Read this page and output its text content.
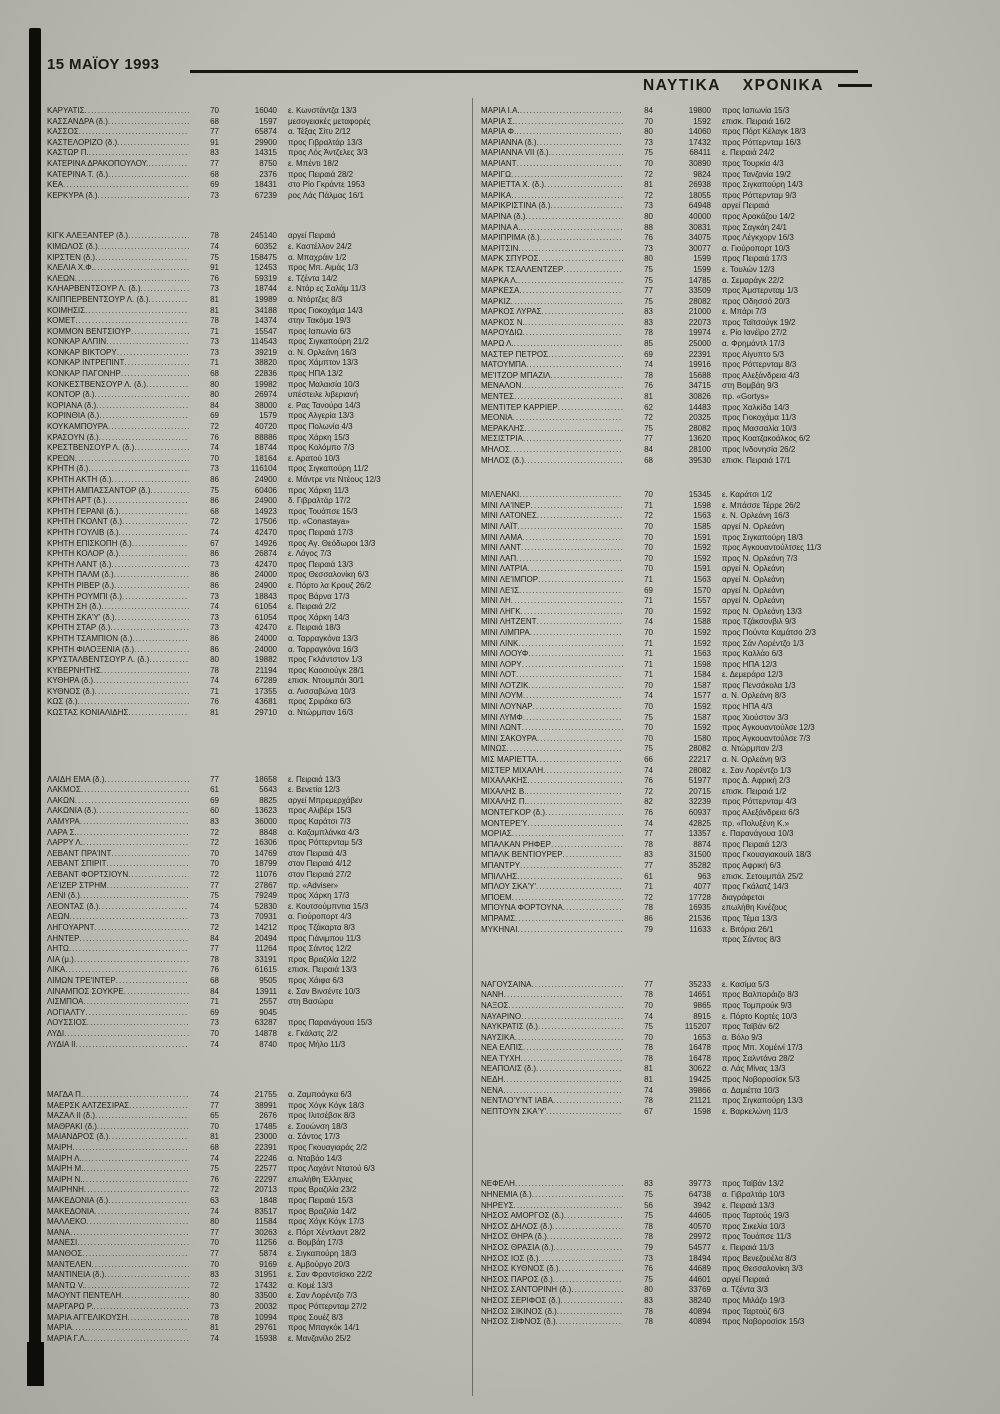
15 ΜΑΪΟΥ 1993
ΝΑΥΤΙΚΑ ΧΡΟΝΙΚΑ
ΚΑΡΥΑΤΙΣ .....	70	16040	ε. Κωνστάντζα 13/3
ΚΑΣΣΑΝΔΡΑ (δ.) .....	68	1597	μεσογειακές μεταφορές
ΚΑΣΣΟΣ .....	77	65874	α. Τέξας Σίτυ 2/12
ΚΑΣΤΕΛΟΡΙΖΟ (δ.) .....	91	29900	προς Γιβραλτάρ 13/3
ΚΑΣΤΩΡ Π. .....	83	14315	προς Λός Άντζελες 3/3
ΚΑΤΕΡΙΝΑ ΔΡΑΚΟΠΟΥΛΟΥ. .....	77	8750	ε. Μπέντι 18/2
ΚΑΤΕΡΙΝΑ Τ. (δ.) .....	68	2376	προς Πειραιά 28/2
ΚΕΑ .....	69	18431	στο Ρίο Γκράντε 1953
ΚΕΡΚΥΡΑ (δ.) .....	73	67239	ρος Λάς Πάλμας 16/1
ΚΙΓΚ ΑΛΕΞΑΝΤΕΡ (δ.) .....	78	245140	αργεί Πειραιά
ΚΙΜΩΛΟΣ (δ.) .....	74	60352	ε. Καστέλλον 24/2
ΚΙΡΣΤΕΝ (δ.) .....	75	158475	α. Μπαχράιν 1/2
ΚΛΕΛΙΑ Χ.Φ. .....	91	12453	προς Μπ. Αιμάς 1/3
ΚΛΕΩΝ .....	76	59319	ε. Τζέντα 14/2
ΚΛΗΑΡΒΕΝΤΣΟΥΡ Λ. (δ.) .....	73	18744	ε. Ντάρ ες Σαλάμ 11/3
ΚΛΙΠΠΕΡΒΕΝΤΣΟΥΡ Λ. (δ.) .....	81	19989	α. Ντόρτζες 8/3
ΚΟΙΜΗΣΙΣ .....	81	34188	προς Γιοκοχάμα 14/3
ΚΟΜΕΤ .....	78	14374	στην Τακόμα 19/3
ΚΟΜΜΟΝ ΒΕΝΤΣΙΟΥΡ .....	71	15547	προς Ιαπωνία 6/3
ΚΟΝΚΑΡ ΑΛΠΙΝ .....	73	114543	προς Σιγκαπούρη 21/2
ΚΟΝΚΑΡ ΒΙΚΤΟΡΥ .....	73	39219	α. Ν. Ορλεάνη 16/3
ΚΟΝΚΑΡ ΙΝΤΡΕΠΙΝΤ .....	71	38820	προς Χάμπτον 13/3
ΚΟΝΚΑΡ ΠΑΓΟΝΗΡ .....	68	22836	προς ΗΠΑ 13/2
ΚΟΝΚΕΣΤΒΕΝΣΟΥΡ Λ. (δ.) .....	80	19982	προς Μαλαισία 10/3
ΚΟΝΤΟΡ (δ.) .....	80	26974	υπέστειλε λιβεριανή
ΚΟΡΙΑΝΑ (δ.) .....	84	38000	ε. Ρας Τανούρα 14/3
ΚΟΡΙΝΘΙΑ (δ.) .....	69	1579	προς Αλγερία 13/3
ΚΟΥΚΑΜΠΟΥΡΑ .....	72	40720	προς Πολωνία 4/3
ΚΡΑΣΟΥΝ (δ.) .....	76	88886	προς Χάρκη 15/3
ΚΡΕΣΤΒΕΝΣΟΥΡ Λ. (δ.) .....	74	18744	προς Κολόμπο 7/3
ΚΡΕΩΝ .....	70	18164	ε. Αρατού 10/3
ΚΡΗΤΗ (δ.) .....	73	116104	προς Σιγκαπούρη 11/2
ΚΡΗΤΗ ΑΚΤΗ (δ.) .....	86	24900	ε. Μάντρε ντε Ντέους 12/3
ΚΡΗΤΗ ΑΜΠΑΣΣΑΝΤΟΡ (δ.) .....	75	60406	προς Χάρκη 11/3
ΚΡΗΤΗ ΑΡΤ (δ.) .....	86	24900	δ. Γιβραλτάρ 17/2
ΚΡΗΤΗ ΓΕΡΑΝΙ (δ.) .....	68	14923	προς Τουάπσε 15/3
ΚΡΗΤΗ ΓΚΟΛΝΤ (δ.) .....	72	17506	πρ. «Conastaya»
ΚΡΗΤΗ ΓΟΥΛΙΒ (δ.) .....	74	42470	προς Πειραιά 17/3
ΚΡΗΤΗ ΕΠΙΣΚΟΠΗ (δ.) .....	67	14926	προς Αγ. Θεόδωροι 13/3
ΚΡΗΤΗ ΚΟΛΟΡ (δ.) .....	86	26874	ε. Λάγος 7/3
ΚΡΗΤΗ ΛΑΝΤ (δ.) .....	73	42470	προς Πειραιά 13/3
ΚΡΗΤΗ ΠΑΛΜ (δ.) .....	86	24000	προς Θεσσαλονίκη 6/3
ΚΡΗΤΗ ΡΙΒΕΡ (δ.) .....	86	24900	ε. Πόρτο λα Κρουζ 26/2
ΚΡΗΤΗ ΡΟΥΜΠΙ (δ.) .....	73	18843	προς Βάρνα 17/3
ΚΡΗΤΗ ΣΗ (δ.) .....	74	61054	ε. Πειραιά 2/2
ΚΡΗΤΗ ΣΚΑ'Υ' (δ.) .....	73	61054	προς Χάρκη 14/3
ΚΡΗΤΗ ΣΤΑΡ (δ.) .....	73	42470	ε. Πειραιά 18/3
ΚΡΗΤΗ ΤΣΑΜΠΙΟΝ (δ.) .....	86	24000	α. Ταρραγκόνα 13/3
ΚΡΗΤΗ ΦΙΛΟΞΕΝΙΑ (δ.) .....	86	24000	α. Ταρραγκόνα 16/3
ΚΡΥΣΤΑΛΒΕΝΤΣΟΥΡ Λ. (δ.) .....	80	19882	προς Γκλάντστον 1/3
ΚΥΒΕΡΝΗΤΗΣ .....	78	21194	προς Καοσιούγκ 28/1
ΚΥΘΗΡΑ (δ.) .....	74	67289	επισκ. Ντουμπάι 30/1
ΚΥΘΝΟΣ (δ.) .....	71	17355	α. Λισσαβώνα 10/3
ΚΩΣ (δ.) .....	76	43681	προς Σριράκα 6/3
ΚΩΣΤΑΣ ΚΟΝΙΑΛΙΔΗΣ .....	81	29710	α. Ντώρμπαν 16/3
ΛΑΙΔΗ ΕΜΑ (δ.) .....	77	18658	ε. Πειραιά 13/3
ΛΑΚΜΟΣ .....	61	5643	ε. Βενετία 12/3
ΛΑΚΩΝ .....	69	8825	αργεί Μπρεμερχάβεν
ΛΑΚΩΝΙΑ (δ.) .....	60	13623	προς Αλιβέρι 15/3
ΛΑΜΥΡΑ .....	83	36000	προς Καράτσι 7/3
ΛΑΡΑ Σ. .....	72	8848	α. Καζαμπλάνκα 4/3
ΛΑΡΡΥ Λ. .....	72	16306	προς Ρόττερνταμ 5/3
ΛΕΒΑΝΤ ΠΡΑ'ΙΝΤ .....	70	14769	στον Πειραιά 4/3
ΛΕΒΑΝΤ ΣΠΙΡΙΤ .....	70	18799	στον Πειραιά 4/12
ΛΕΒΑΝΤ ΦΟΡΤΣΙΟΥΝ .....	72	11076	στον Πειραιά 27/2
ΛΕ'ΙΖΕΡ ΣΤΡΗΜ .....	77	27867	πρ. «Adviser»
ΛΕΝΙ (δ.) .....	75	79249	προς Χάρκη 17/3
ΛΕΟΝΤΑΣ (δ.) .....	74	52830	ε. Κουτσούμπντια 15/3
ΛΕΩΝ .....	73	70931	α. Γιούροπορτ 4/3
ΛΗΓΟΥΑΡΝΤ .....	72	14212	προς Τζάκαρτα 8/3
ΛΗΝΤΕΡ .....	84	20494	προς Γιάνιμπου 11/3
ΛΗΤΩ .....	77	11264	προς Σάντος 12/2
ΛΙΑ (μ.) .....	78	33191	προς Βραζιλία 12/2
ΛΙΚΑ .....	76	61615	επισκ. Πειραιά 13/3
ΛΙΜΩΝ ΤΡΕ'ΙΝΤΕΡ .....	68	9505	προς Χάιφα 6/3
ΛΙΝΑΜΠΟΣ ΣΟΥΚΡΕ .....	84	13911	ε. Σαν Βινσέντε 10/3
ΛΙΣΜΠΟΑ .....	71	2557	στη Βασώρα
ΛΟΓΙΑΛΤΥ .....	69	9045
ΛΟΥΣΣΙΟΣ .....	73	63287	προς Παρανάγουα 15/3
ΛΥΔΙ .....	70	14878	ε. Γκάλατς 2/2
ΛΥΔΙΑ ΙΙ .....	74	8740	προς Μήλο 11/3
ΜΑΓΔΑ Π. .....	74	21755	α. Ζαμποάγκα 6/3
ΜΑΕΡΣΚ ΑΛΤΖΕΣΙΡΑΣ .....	77	38991	προς Χόγκ Κόγκ 18/3
ΜΑΖΑΛ ΙΙ (δ.) .....	65	2676	προς Ιλιτσέβσκ 8/3
ΜΑΘΡΑΚΙ (δ.) .....	70	17485	ε. Σουώνση 18/3
ΜΑΙΑΝΔΡΟΣ (δ.) .....	81	23000	α. Σάντος 17/3
ΜΑΙΡΗ .....	68	22391	προς Γκουαγιαράς 2/2
ΜΑΙΡΗ Λ. .....	74	22246	α. Νταβάο 14/3
ΜΑΙΡΗ Μ. .....	75	22577	προς Λαχάντ Ντατού 6/3
ΜΑΙΡΗ Ν. .....	76	22297	επωλήθη Έλληνες
ΜΑΙΡΗΝΗ .....	72	20713	προς Βραζιλία 23/2
ΜΑΚΕΔΟΝΙΑ (δ.) .....	63	1848	προς Πειραιά 15/3
ΜΑΚΕΔΟΝΙΑ .....	74	83517	προς Βραζιλία 14/2
ΜΑΛΛΕΚΟ .....	80	11584	προς Χόγκ Κόγκ 17/3
ΜΑΝΑ .....	77	30263	ε. Πόρτ Χέντλαντ 28/2
ΜΑΝΕΣΙ .....	70	11256	α. Βομβάη 17/3
ΜΑΝΘΟΣ .....	77	5874	ε. Σιγκαπούρη 18/3
ΜΑΝΤΕΛΕΝ .....	70	9169	ε. Αμβούργο 20/3
ΜΑΝΤΙΝΕΙΑ (δ.) .....	83	31951	ε. Σαν Φραντσίσκο 22/2
ΜΑΝΤΩ V. .....	72	17432	α. Κομέ 13/3
ΜΑΟΥΝΤ ΠΕΝΤΕΛΗ .....	80	33500	ε. Σαν Λορέντζο 7/3
ΜΑΡΓΑΡΩ Ρ. .....	73	20032	προς Ρόττερνταμ 27/2
ΜΑΡΙΑ ΑΓΓΕΛΙΚΟΥΣΗ .....	78	10994	προς Σουέζ 8/3
ΜΑΡΙΑ .....	81	29761	προς Μπαγκόκ 14/1
ΜΑΡΙΑ Γ.Λ. .....	74	15938	ε. Μανζανίλο 25/2
ΜΑΡΙΑ Ι.Α. .....	84	19800	προς Ιαπωνία 15/3
ΜΑΡΙΑ Σ. .....	70	1592	επισκ. Πειραιά 16/2
ΜΑΡΙΑ Φ. .....	80	14060	προς Πόρτ Κέλαγκ 18/3
ΜΑΡΙΑΝΝΑ (δ.) .....	73	17432	προς Ρόττερνταμ 16/3
ΜΑΡΙΑΝΝΑ VII (δ.) .....	75	68411	ε. Πειραιά 24/2
ΜΑΡΙΑΝΤ .....	70	30890	προς Τουρκία 4/3
ΜΑΡΙΓΩ .....	72	9824	προς Τανζανία 19/2
ΜΑΡΙΕΤΤΑ Χ. (δ.) .....	81	26938	προς Σιγκαπούρη 14/3
ΜΑΡΙΚΑ .....	72	18055	προς Ρόττερνταμ 9/3
ΜΑΡΙΚΡΙΣΤΙΝΑ (δ.) .....	73	64948	αργεί Πειραιά
ΜΑΡΙΝΑ (δ.) .....	80	40000	προς Αρακάζου 14/2
ΜΑΡΙΝΑ Α. .....	88	30831	προς Σαγκάη 24/1
ΜΑΡΙΠΡΙΜΑ (δ.) .....	76	34075	προς Λέγκχορν 16/3
ΜΑΡΙΤΣΙΝ .....	73	30077	α. Γιούροπορτ 10/3
ΜΑΡΚ ΣΠΥΡΟΣ .....	80	1599	προς Πειραιά 17/3
ΜΑΡΚ ΤΣΑΛΛΕΝΤΖΕΡ .....	75	1599	ε. Τουλών 12/3
ΜΑΡΚΑ Λ. .....	75	14785	α. Σεμαράγκ 22/2
ΜΑΡΚΕΣΑ .....	77	33509	προς Άμστερνταμ 1/3
ΜΑΡΚΙΖ .....	75	28082	προς Οδησσό 20/3
ΜΑΡΚΟΣ ΛΥΡΑΣ .....	83	21000	ε. Μπάρι 7/3
ΜΑΡΚΟΣ Ν. .....	83	22073	προς Ταϊτσούγκ 19/2
ΜΑΡΟΥΔΙΩ .....	78	19974	ε. Ρίο Ιανέϊρο 27/2
ΜΑΡΩ Λ. .....	85	25000	α. Φρημάντλ 17/3
ΜΑΣΤΕΡ ΠΕΤΡΟΣ .....	69	22391	προς Αίγυπτο 5/3
ΜΑΤΟΥΜΠΑ .....	74	19916	προς Ρόττερνταμ 8/3
ΜΕ'ΙΤΖΟΡ ΜΠΑΖΙΛ .....	78	15688	προς Αλεξάνδρεια 4/3
ΜΕΝΑΛΟΝ .....	76	34715	στη Βομβάη 9/3
ΜΕΝΤΕΣ .....	81	30826	πρ. «Gortys»
ΜΕΝΤΙΤΕΡ ΚΑΡΡΙΕΡ .....	62	14483	προς Χαλκίδα 14/3
ΜΕΟΝΙΑ .....	72	20325	προς Γιοκοχάμα 11/3
ΜΕΡΑΚΛΗΣ .....	75	28082	προς Μασσαλία 10/3
ΜΕΣΙΣΤΡΙΑ .....	77	13620	προς Κοατζακοάλκος 6/2
ΜΗΛΟΣ .....	84	28100	προς Ινδονησία 26/2
ΜΗΛΟΣ (δ.) .....	68	39530	επισκ. Πειραιά 17/1
ΜΙΛΕΝΑΚΙ .....	70	15345	ε. Καράτσι 1/2
ΜΙΝΙ ΛΑ'ΙΝΕΡ .....	71	1598	ε. Μπάσσε Τέρρε 26/2
ΜΙΝΙ ΛΑΤΟΝΕΣ .....	72	1563	ε. Ν. Ορλεάνη 16/3
ΜΙΝΙ ΛΑΪΤ .....	70	1585	αργεί Ν. Ορλεάνη
ΜΙΝΙ ΛΑΜΑ .....	70	1591	προς Σιγκαπούρη 18/3
ΜΙΝΙ ΛΑΝΤ .....	70	1592	προς Αγκουαντούλτσες 11/3
ΜΙΝΙ ΛΑΠ .....	70	1592	προς Ν. Ορλεάνη 7/3
ΜΙΝΙ ΛΑΤΡΙΑ .....	70	1591	αργεί Ν. Ορλεάνη
ΜΙΝΙ ΛΕ'ΙΜΠΟΡ .....	71	1563	αργεί Ν. Ορλεάνη
ΜΙΝΙ ΛΕ'ΙΣ .....	69	1570	αργεί Ν. Ορλεάνη
ΜΙΝΙ ΛΗ .....	71	1557	αργεί Ν. Ορλεάνη
ΜΙΝΙ ΛΗΓΚ .....	70	1592	προς Ν. Ορλεάνη 13/3
ΜΙΝΙ ΛΗΤΖΕΝΤ .....	74	1588	προς Τζάκσονβιλ 9/3
ΜΙΝΙ ΛΙΜΠΡΑ .....	70	1592	προς Πούντα Καμάτσο 2/3
ΜΙΝΙ ΛΙΝΚ .....	71	1592	προς Σάν Λορέντζο 1/3
ΜΙΝΙ ΛΟΟΥΦ .....	71	1563	προς Καλλάο 6/3
ΜΙΝΙ ΛΟΡΥ .....	71	1598	προς ΗΠΑ 12/3
ΜΙΝΙ ΛΟΤ .....	71	1584	ε. Δεμεράρα 12/3
ΜΙΝΙ ΛΟΤΖΙΚ .....	70	1587	προς Πενσάκολα 1/3
ΜΙΝΙ ΛΟΥΜ .....	74	1577	α. Ν. Ορλεάνη 8/3
ΜΙΝΙ ΛΟΥΝΑΡ .....	70	1592	προς ΗΠΑ 4/3
ΜΙΝΙ ΛΥΜΦ .....	75	1587	προς Χιούστον 3/3
ΜΙΝΙ ΛΩΝΤ .....	70	1592	προς Αγκουαντούλσε 12/3
ΜΙΝΙ ΣΑΚΟΥΡΑ .....	70	1580	προς Αγκουαντούλσε 7/3
ΜΙΝΩΣ .....	75	28082	α. Ντώρμπαν 2/3
ΜΙΣ ΜΑΡΙΕΤΤΑ .....	66	22217	α. Ν. Ορλεάνη 9/3
ΜΙΣΤΕΡ ΜΙΧΑΛΗ .....	74	28082	ε. Σαν Λορέντζο 1/3
ΜΙΧΑΛΑΚΗΣ .....	76	51977	προς Δ. Αφρική 2/3
ΜΙΧΑΛΗΣ Β. .....	72	20715	επισκ. Πειραιά 1/2
ΜΙΧΑΛΗΣ Π. .....	82	32239	προς Ρόττερνταμ 4/3
ΜΟΝΤΕΓΚΟΡ (δ.) .....	76	60937	προς Αλεξάνδρεια 6/3
ΜΟΝΤΕΡΕ'Υ .....	74	42825	πρ. «Πολυξένη Κ.»
ΜΟΡΙΑΣ .....	77	13357	ε. Παρανάγουα 10/3
ΜΠΑΛΚΑΝ ΡΗΦΕΡ .....	78	8874	προς Πειραιά 12/3
ΜΠΑΛΚ ΒΕΝΤΙΟΥΡΕΡ .....	83	31500	προς Γκουαγιακουίλ 18/3
ΜΠΑΝΤΡΥ .....	77	35282	προς Αφρική 6/3
ΜΠΙΛΛΗΣ .....	61	963	επισκ. Σετουμπάλ 25/2
ΜΠΛΟΥ ΣΚΑ'Υ' .....	71	4077	προς Γκάλατζ 14/3
ΜΠΟΕΜ .....	72	17728	διαγράφεται
ΜΠΟΥΝΑ ΦΟΡΤΟΥΝΑ .....	78	16935	επωλήθη Κινέζους
ΜΠΡΑΜΣ .....	86	21536	προς Τέμα 13/3
ΜΥΚΗΝΑΙ .....	79	11633	ε. Βιτόρια 26/1
προς Σάντος 8/3
ΝΑΓΟΥΣΑΙΝΑ .....	77	35233	ε. Κασίμα 5/3
ΝΑΝΗ .....	78	14651	προς Βαλπαράιζο 8/3
ΝΑΞΟΣ .....	70	9865	προς Τομπρούκ 9/3
ΝΑΥΑΡΙΝΟ .....	74	8915	ε. Πόρτο Κορτές 10/3
ΝΑΥΚΡΑΤΙΣ (δ.) .....	75	115207	προς Ταϊβάν 6/2
ΝΑΥΣΙΚΑ .....	70	1653	α. Βόλο 9/3
ΝΕΑ ΕΛΠΙΣ .....	78	16478	προς Μπ. Χομέινί 17/3
ΝΕΑ ΤΥΧΗ .....	78	16478	προς Σαλντάνα 28/2
ΝΕΑΠΟΛΙΣ (δ.) .....	81	30622	α. Λάς Μίνας 13/3
ΝΕΔΗ .....	81	19425	προς Νοβοροσίσκ 5/3
ΝΕΝΑ .....	74	39866	α. Δαμιέττα 10/3
ΝΕΝΤΛΟ'Υ'ΝΤ ΙΑΒΑ .....	78	21121	προς Σιγκαπούρη 13/3
ΝΕΠΤΟΥΝ ΣΚΑ'Υ' .....	67	1598	ε. Βαρκελώνη 11/3
ΝΕΦΕΛΗ .....	83	39773	προς Ταϊβάν 13/2
ΝΗΝΕΜΙΑ (δ.) .....	75	64738	α. Γιβραλτάρ 10/3
ΝΗΡΕΥΣ .....	56	3942	ε. Πειραιά 13/3
ΝΗΣΟΣ ΑΜΟΡΓΟΣ (δ.) .....	75	44605	προς Ταρτούς 19/3
ΝΗΣΟΣ ΔΗΛΟΣ (δ.) .....	78	40570	προς Σικελία 10/3
ΝΗΣΟΣ ΘΗΡΑ (δ.) .....	78	29972	προς Τουάπσε 11/3
ΝΗΣΟΣ ΘΡΑΣΙΑ (δ.) .....	79	54577	ε. Πειραιά 11/3
ΝΗΣΟΣ ΙΟΣ (δ.) .....	73	18494	προς Βενεζουέλα 8/3
ΝΗΣΟΣ ΚΥΘΝΟΣ (δ.) .....	76	44689	προς Θεσσαλονίκη 3/3
ΝΗΣΟΣ ΠΑΡΟΣ (δ.) .....	75	44601	αργεί Πειραιά
ΝΗΣΟΣ ΣΑΝΤΟΡΙΝΗ (δ.) .....	80	33769	α. Τζέντα 3/3
ΝΗΣΟΣ ΣΕΡΙΦΟΣ (δ.) .....	83	38240	προς Μιλάζο 19/3
ΝΗΣΟΣ ΣΙΚΙΝΟΣ (δ.) .....	78	40894	προς Ταρτούζ 6/3
ΝΗΣΟΣ ΣΙΦΝΟΣ (δ.) .....	78	40894	προς Νοβοροσίσκ 15/3
